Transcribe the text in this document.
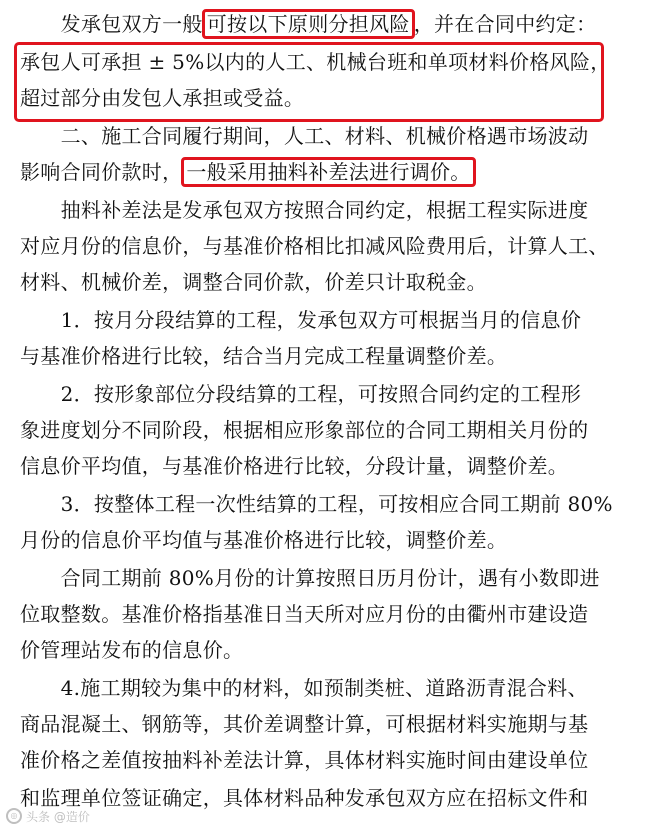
　　发承包双方一般 可按以下原则分担风险 ，并在合同中约定：
承包人可承担 ± 5%以内的人工、机械台班和单项材料价格风险，
超过部分由发包人承担或受益。
　　二、施工合同履行期间，人工、材料、机械价格遇市场波动
影响合同价款时， 一般采用抽料补差法进行调价。
　　抽料补差法是发承包双方按照合同约定，根据工程实际进度
对应月份的信息价，与基准价格相比扣减风险费用后，计算人工、
材料、机械价差，调整合同价款，价差只计取税金。
　　1．按月分段结算的工程，发承包双方可根据当月的信息价
与基准价格进行比较，结合当月完成工程量调整价差。
　　2．按形象部位分段结算的工程，可按照合同约定的工程形
象进度划分不同阶段，根据相应形象部位的合同工期相关月份的
信息价平均值，与基准价格进行比较，分段计量，调整价差。
　　3．按整体工程一次性结算的工程，可按相应合同工期前 80%
月份的信息价平均值与基准价格进行比较，调整价差。
　　合同工期前 80%月份的计算按照日历月份计，遇有小数即进
位取整数。基准价格指基准日当天所对应月份的由衢州市建设造
价管理站发布的信息价。
　　4.施工期较为集中的材料，如预制类桩、道路沥青混合料、
商品混凝土、钢筋等，其价差调整计算，可根据材料实施期与基
准价格之差值按抽料补差法计算，具体材料实施时间由建设单位
和监理单位签证确定，具体材料品种发承包双方应在招标文件和
◎ 头条 @造价
